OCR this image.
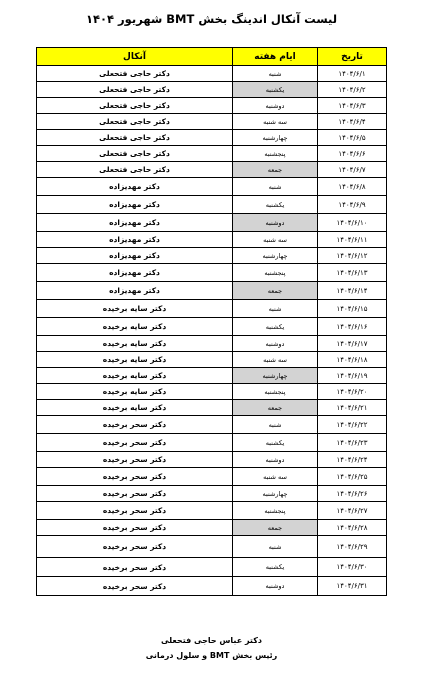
لیست آنکال اندینگ بخش BMT شهریور ۱۴۰۴
تاریخ	ایام هفته	آنکال
۱۴۰۴/۶/۱	شنبه	دکتر حاجی فتحعلی
۱۴۰۴/۶/۲	یکشنبه	دکتر حاجی فتحعلی
۱۴۰۴/۶/۳	دوشنبه	دکتر حاجی فتحعلی
۱۴۰۴/۶/۴	سه شنبه	دکتر حاجی فتحعلی
۱۴۰۴/۶/۵	چهارشنبه	دکتر حاجی فتحعلی
۱۴۰۴/۶/۶	پنجشنبه	دکتر حاجی فتحعلی
۱۴۰۴/۶/۷	جمعه	دکتر حاجی فتحعلی
۱۴۰۴/۶/۸	شنبه	دکتر مهدیزاده
۱۴۰۴/۶/۹	یکشنبه	دکتر مهدیزاده
۱۴۰۴/۶/۱۰	دوشنبه	دکتر مهدیزاده
۱۴۰۴/۶/۱۱	سه شنبه	دکتر مهدیزاده
۱۴۰۴/۶/۱۲	چهارشنبه	دکتر مهدیزاده
۱۴۰۴/۶/۱۳	پنجشنبه	دکتر مهدیزاده
۱۴۰۴/۶/۱۴	جمعه	دکتر مهدیزاده
۱۴۰۴/۶/۱۵	شنبه	دکتر سایه برخیده
۱۴۰۴/۶/۱۶	یکشنبه	دکتر سایه برخیده
۱۴۰۴/۶/۱۷	دوشنبه	دکتر سایه برخیده
۱۴۰۴/۶/۱۸	سه شنبه	دکتر سایه برخیده
۱۴۰۴/۶/۱۹	چهارشنبه	دکتر سایه برخیده
۱۴۰۴/۶/۲۰	پنجشنبه	دکتر سایه برخیده
۱۴۰۴/۶/۲۱	جمعه	دکتر سایه برخیده
۱۴۰۴/۶/۲۲	شنبه	دکتر سحر برخیده
۱۴۰۴/۶/۲۳	یکشنبه	دکتر سحر برخیده
۱۴۰۴/۶/۲۴	دوشنبه	دکتر سحر برخیده
۱۴۰۴/۶/۲۵	سه شنبه	دکتر سحر برخیده
۱۴۰۴/۶/۲۶	چهارشنبه	دکتر سحر برخیده
۱۴۰۴/۶/۲۷	پنجشنبه	دکتر سحر برخیده
۱۴۰۴/۶/۲۸	جمعه	دکتر سحر برخیده
۱۴۰۴/۶/۲۹	شنبه	دکتر سحر برخیده
۱۴۰۴/۶/۳۰	یکشنبه	دکتر سحر برخیده
۱۴۰۴/۶/۳۱	دوشنبه	دکتر سحر برخیده
دکتر عباس حاجی فتحعلی
رئیس بخش BMT و سلول درمانی
